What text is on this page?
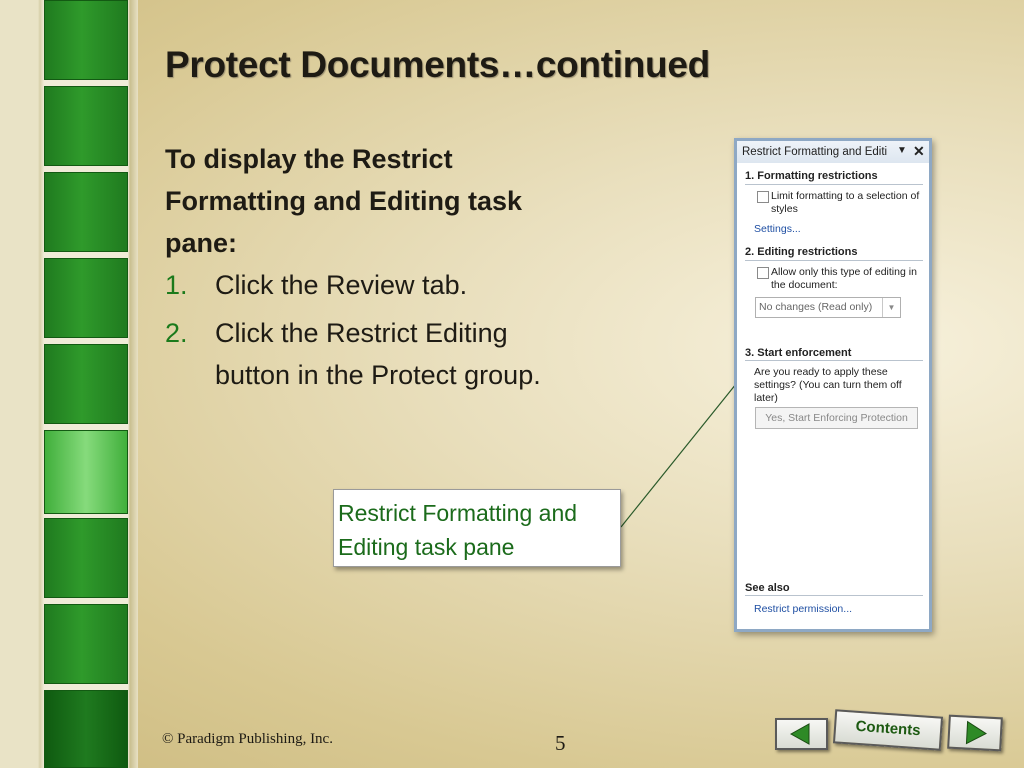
Protect Documents…continued
To display the Restrict Formatting and Editing task pane:
1. Click the Review tab.
2. Click the Restrict Editing button in the Protect group.
Restrict Formatting and Editi ▼ ✕
1. Formatting restrictions
Limit formatting to a selection of styles
Settings...
2. Editing restrictions
Allow only this type of editing in the document:
No changes (Read only)	▼
3. Start enforcement
Are you ready to apply these settings? (You can turn them off later)
Yes, Start Enforcing Protection
See also
Restrict permission...
Restrict Formatting and Editing task pane
© Paradigm Publishing, Inc.	5
Contents
